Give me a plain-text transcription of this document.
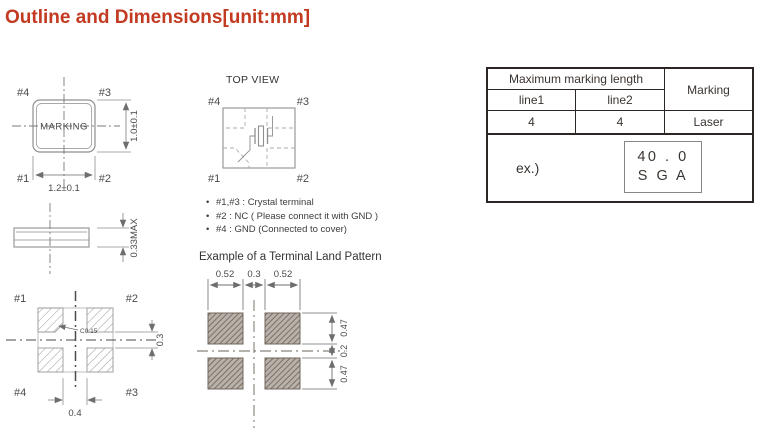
Outline and Dimensions[unit:mm]
MARKING
#4	#3
#1	#2
1.2±0.1
1.0±0.1
0.33MAX
C0.15
#1	#2
#4	#3
0.3
0.4
TOP VIEW
#4	#3
#1	#2
• #1,#3 : Crystal terminal
• #2 : NC ( Please connect it with GND )
• #4 : GND (Connected to cover)
Example of a Terminal Land Pattern
0.52 0.3 0.52
0.47
0.2
0.47
Maximum marking length
Marking
line1	line2
4	4	Laser
ex.)
40 . 0
S G A
